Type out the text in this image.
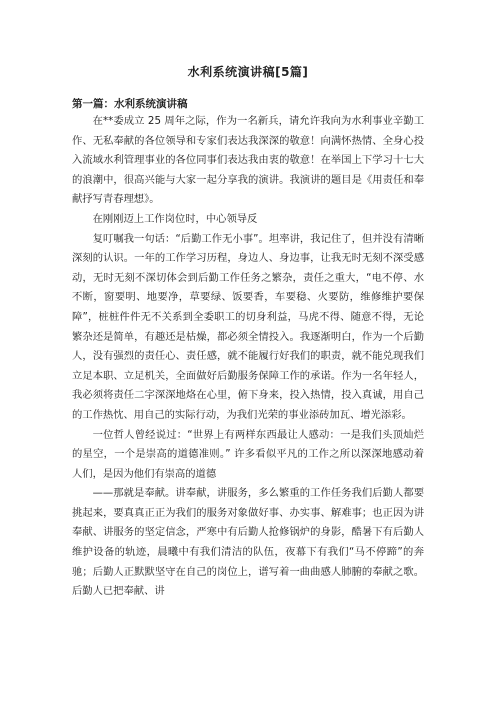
水利系统演讲稿[5篇]
第一篇：水利系统演讲稿

在**委成立 25 周年之际，作为一名新兵，请允许我向为水利事业辛勤工作、无私奉献的各位领导和专家们表达我深深的敬意！向满怀热情、全身心投入流域水利管理事业的各位同事们表达我由衷的敬意！在举国上下学习十七大的浪潮中，很高兴能与大家一起分享我的演讲。我演讲的题目是《用责任和奉献抒写青春理想》。

在刚刚迈上工作岗位时，中心领导反

复叮嘱我一句话：“后勤工作无小事”。坦率讲，我记住了，但并没有清晰深刻的认识。一年的工作学习历程，身边人、身边事，让我无时无刻不深受感动，无时无刻不深切体会到后勤工作任务之繁杂，责任之重大，“电不停、水不断，窗要明、地要净，草要绿、饭要香，车要稳、火要防，维修维护要保障”，桩桩件件无不关系到全委职工的切身利益，马虎不得、随意不得，无论繁杂还是简单，有趣还是枯燥，都必须全情投入。我逐渐明白，作为一个后勤人，没有强烈的责任心、责任感，就不能履行好我们的职责，就不能兑现我们立足本职、立足机关，全面做好后勤服务保障工作的承诺。作为一名年轻人，我必须将责任二字深深地烙在心里，俯下身来，投入热情，投入真诚，用自己的工作热忱、用自己的实际行动，为我们光荣的事业添砖加瓦、增光添彩。

一位哲人曾经说过：“世界上有两样东西最让人感动：一是我们头顶灿烂的星空，一个是崇高的道德准则。” 许多看似平凡的工作之所以深深地感动着人们，是因为他们有崇高的道德

——那就是奉献。讲奉献，讲服务，多么繁重的工作任务我们后勤人都要挑起来，要真真正正为我们的服务对象做好事、办实事、解难事；也正因为讲奉献、讲服务的坚定信念，严寒中有后勤人抢修锅炉的身影，酷暑下有后勤人维护设备的轨迹，晨曦中有我们清洁的队伍，夜幕下有我们“马不停蹄”的奔驰；后勤人正默默坚守在自己的岗位上，谱写着一曲曲感人肺腑的奉献之歌。后勤人已把奉献、讲
